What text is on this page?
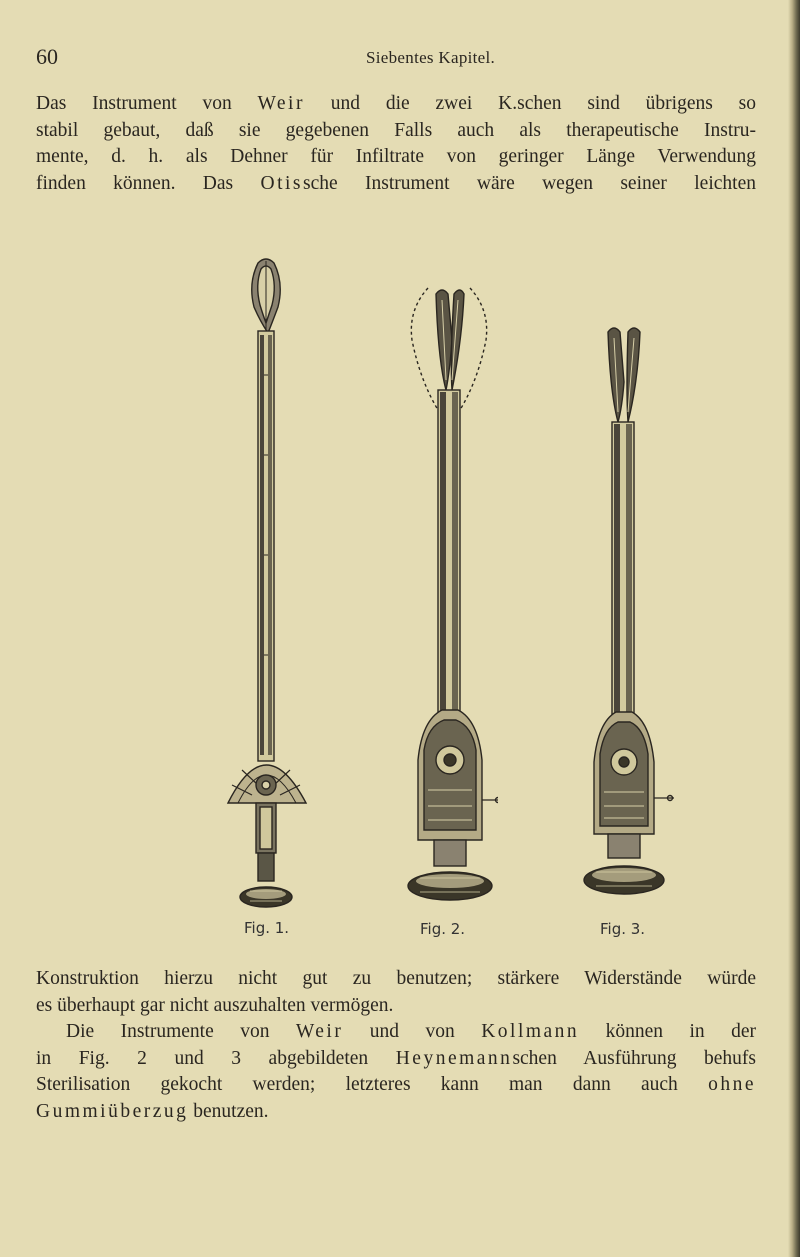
60	Siebentes Kapitel.
Das Instrument von Weir und die zwei K.schen sind übrigens so
stabil gebaut, daß sie gegebenen Falls auch als therapeutische Instru-
mente, d. h. als Dehner für Infiltrate von geringer Länge Verwendung
finden können. Das Otissche Instrument wäre wegen seiner leichten
Fig. 1.	Fig. 2.	Fig. 3.
Konstruktion hierzu nicht gut zu benutzen; stärkere Widerstände würde
es überhaupt gar nicht auszuhalten vermögen.
Die Instrumente von Weir und von Kollmann können in der
in Fig. 2 und 3 abgebildeten Heynemannschen Ausführung behufs
Sterilisation gekocht werden; letzteres kann man dann auch ohne
Gummiüberzug benutzen.
